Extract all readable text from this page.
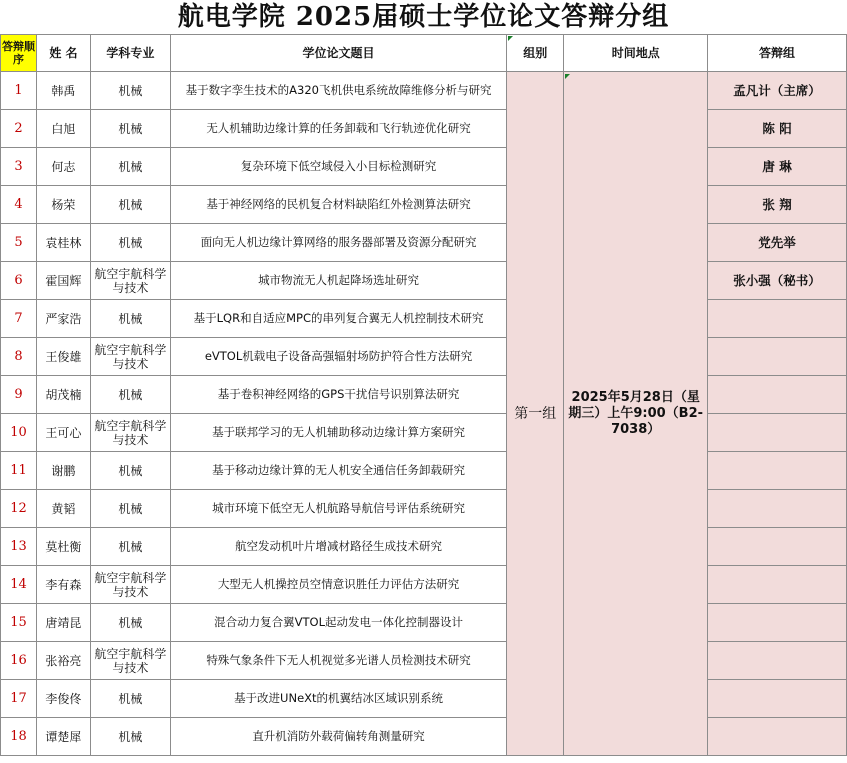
航电学院 2025届硕士学位论文答辩分组						
答辩顺序	姓 名	学科专业	学位论文题目	组别	时间地点	答辩组
1	韩禹	机械	基于数字孪生技术的A320飞机供电系统故障维修分析与研究	第一组	2025年5月28日（星期三）上午9:00（B2-7038）	孟凡计（主席）
2	白旭	机械	无人机辅助边缘计算的任务卸载和飞行轨迹优化研究			陈 阳
3	何志	机械	复杂环境下低空域侵入小目标检测研究			唐 琳
4	杨荣	机械	基于神经网络的民机复合材料缺陷红外检测算法研究			张 翔
5	袁桂林	机械	面向无人机边缘计算网络的服务器部署及资源分配研究			党先举
6	霍国辉	航空宇航科学与技术	城市物流无人机起降场选址研究			张小强（秘书）
7	严家浩	机械	基于LQR和自适应MPC的串列复合翼无人机控制技术研究			
8	王俊雄	航空宇航科学与技术	eVTOL机载电子设备高强辐射场防护符合性方法研究			
9	胡茂楠	机械	基于卷积神经网络的GPS干扰信号识别算法研究			
10	王可心	航空宇航科学与技术	基于联邦学习的无人机辅助移动边缘计算方案研究			
11	谢鹏	机械	基于移动边缘计算的无人机安全通信任务卸载研究			
12	黄韬	机械	城市环境下低空无人机航路导航信号评估系统研究			
13	莫杜衡	机械	航空发动机叶片增减材路径生成技术研究			
14	李有森	航空宇航科学与技术	大型无人机操控员空情意识胜任力评估方法研究			
15	唐靖昆	机械	混合动力复合翼VTOL起动发电一体化控制器设计			
16	张裕亮	航空宇航科学与技术	特殊气象条件下无人机视觉多光谱人员检测技术研究			
17	李俊佟	机械	基于改进UNeXt的机翼结冰区域识别系统			
18	谭楚犀	机械	直升机消防外载荷偏转角测量研究			
